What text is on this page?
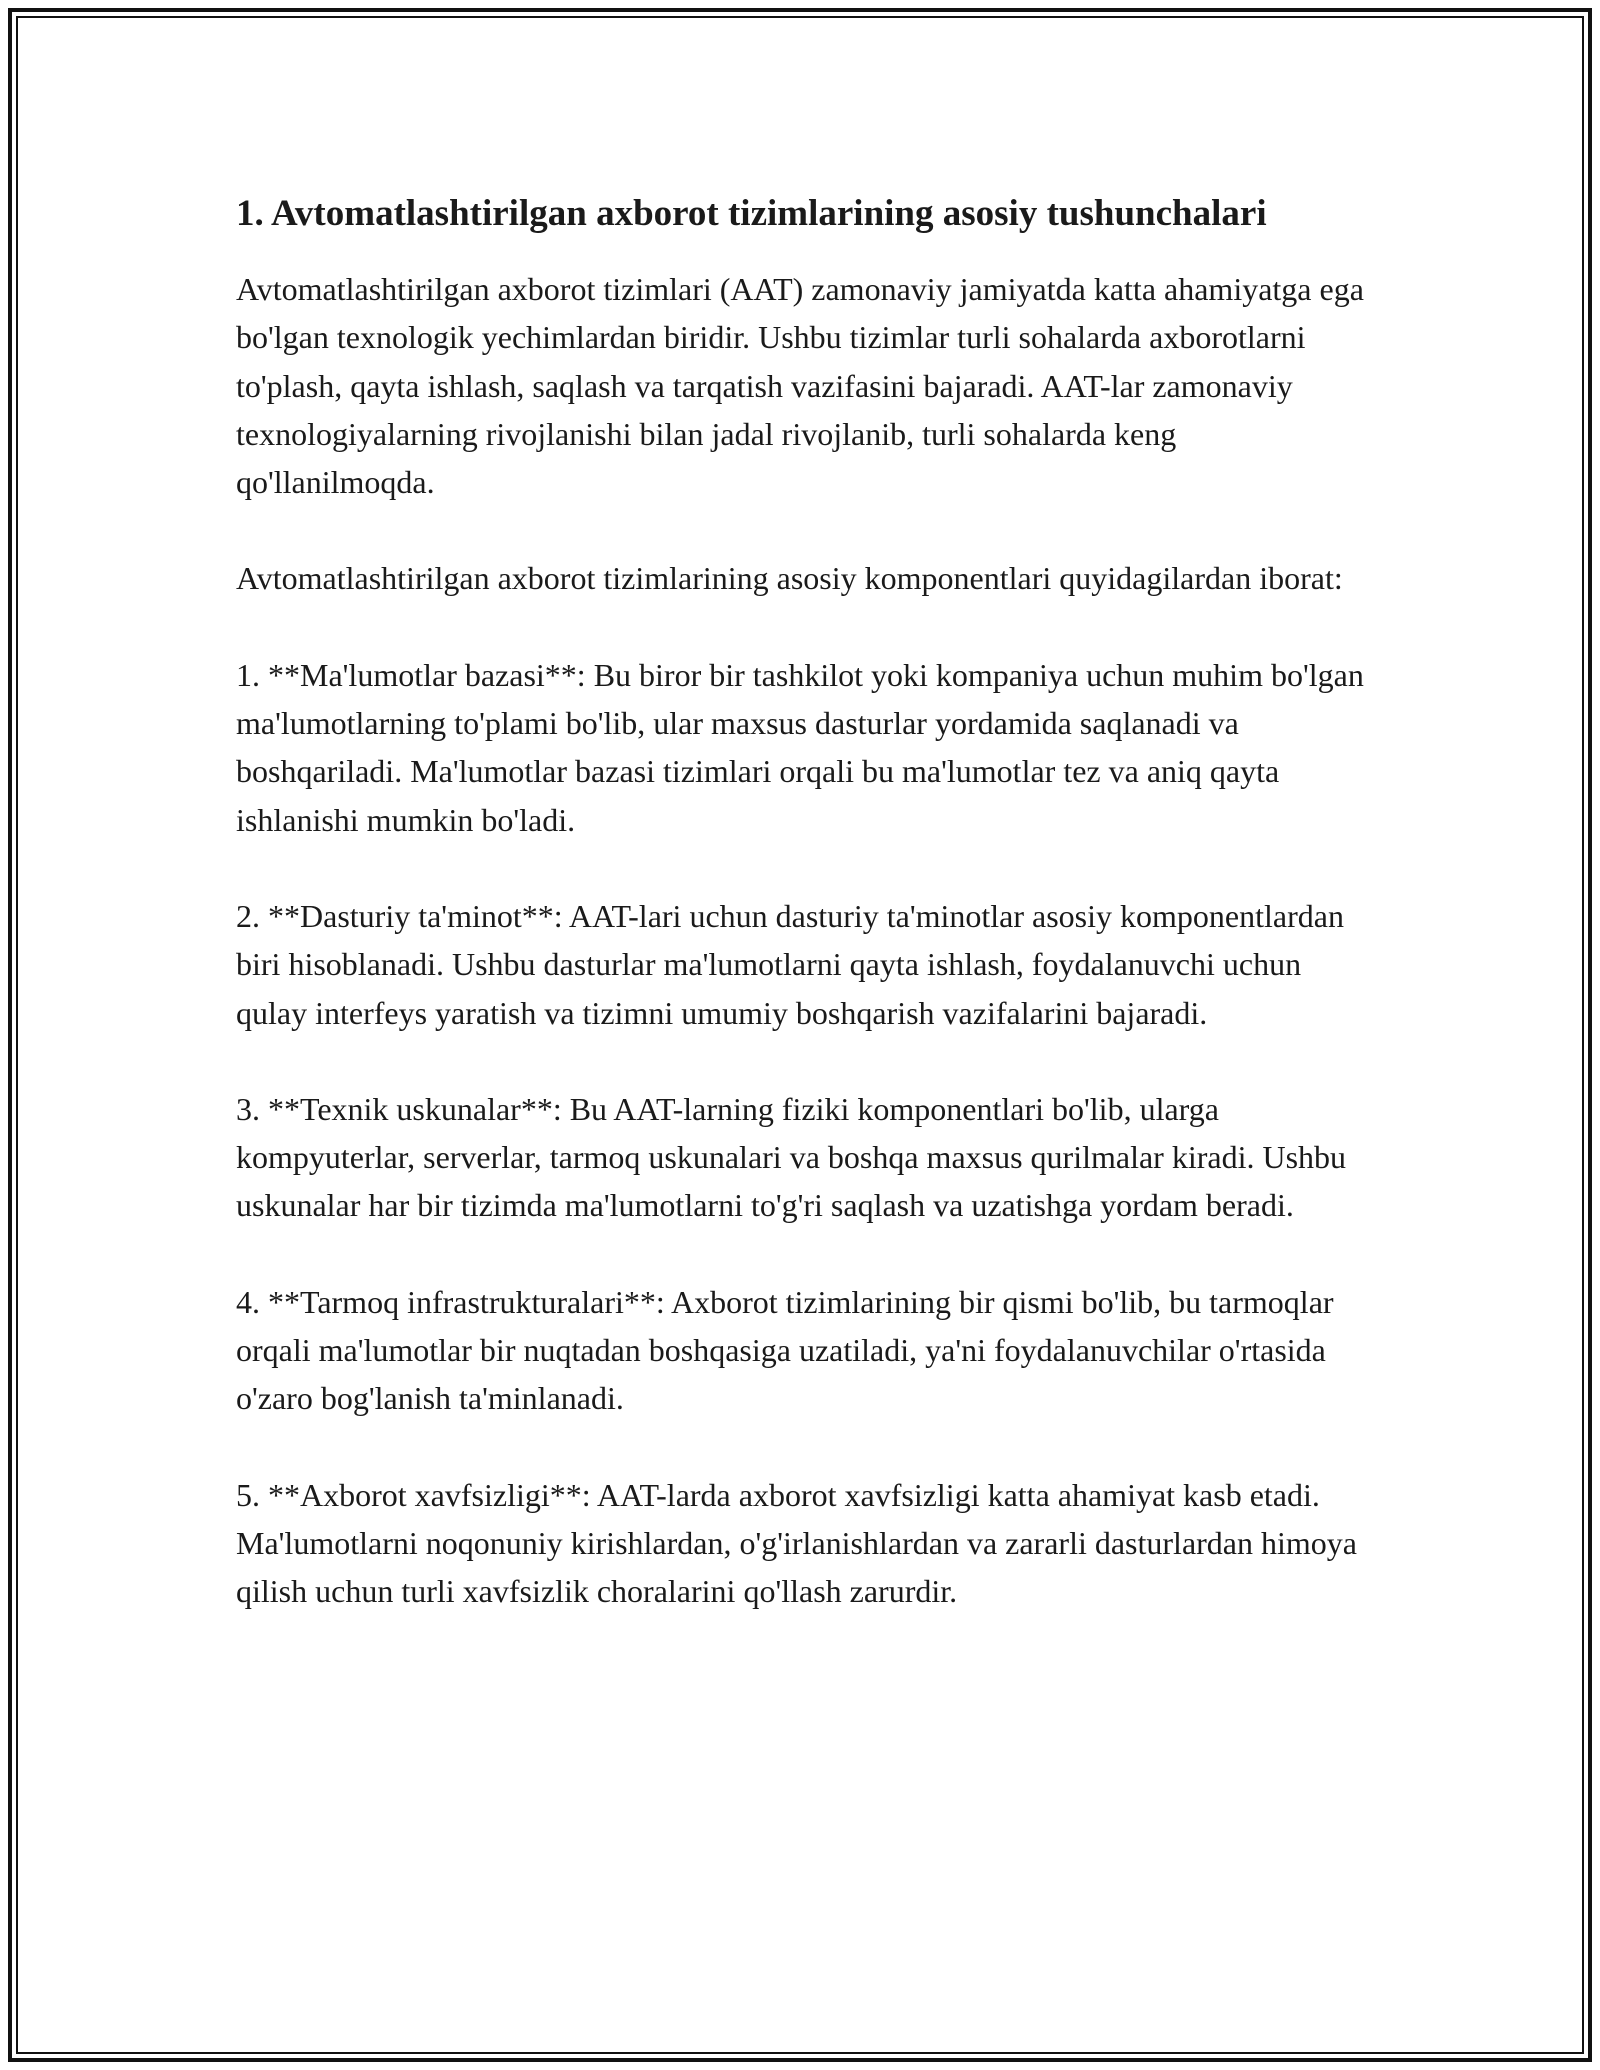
1. Avtomatlashtirilgan axborot tizimlarining asosiy tushunchalari

Avtomatlashtirilgan axborot tizimlari (AAT) zamonaviy jamiyatda katta ahamiyatga ega bo'lgan texnologik yechimlardan biridir. Ushbu tizimlar turli sohalarda axborotlarni to'plash, qayta ishlash, saqlash va tarqatish vazifasini bajaradi. AAT-lar zamonaviy texnologiyalarning rivojlanishi bilan jadal rivojlanib, turli sohalarda keng qo'llanilmoqda.

Avtomatlashtirilgan axborot tizimlarining asosiy komponentlari quyidagilardan iborat:

1. **Ma'lumotlar bazasi**: Bu biror bir tashkilot yoki kompaniya uchun muhim bo'lgan ma'lumotlarning to'plami bo'lib, ular maxsus dasturlar yordamida saqlanadi va boshqariladi. Ma'lumotlar bazasi tizimlari orqali bu ma'lumotlar tez va aniq qayta ishlanishi mumkin bo'ladi.

2. **Dasturiy ta'minot**: AAT-lari uchun dasturiy ta'minotlar asosiy komponentlardan biri hisoblanadi. Ushbu dasturlar ma'lumotlarni qayta ishlash, foydalanuvchi uchun qulay interfeys yaratish va tizimni umumiy boshqarish vazifalarini bajaradi.

3. **Texnik uskunalar**: Bu AAT-larning fiziki komponentlari bo'lib, ularga kompyuterlar, serverlar, tarmoq uskunalari va boshqa maxsus qurilmalar kiradi. Ushbu uskunalar har bir tizimda ma'lumotlarni to'g'ri saqlash va uzatishga yordam beradi.

4. **Tarmoq infrastrukturalari**: Axborot tizimlarining bir qismi bo'lib, bu tarmoqlar orqali ma'lumotlar bir nuqtadan boshqasiga uzatiladi, ya'ni foydalanuvchilar o'rtasida o'zaro bog'lanish ta'minlanadi.

5. **Axborot xavfsizligi**: AAT-larda axborot xavfsizligi katta ahamiyat kasb etadi. Ma'lumotlarni noqonuniy kirishlardan, o'g'irlanishlardan va zararli dasturlardan himoya qilish uchun turli xavfsizlik choralarini qo'llash zarurdir.
